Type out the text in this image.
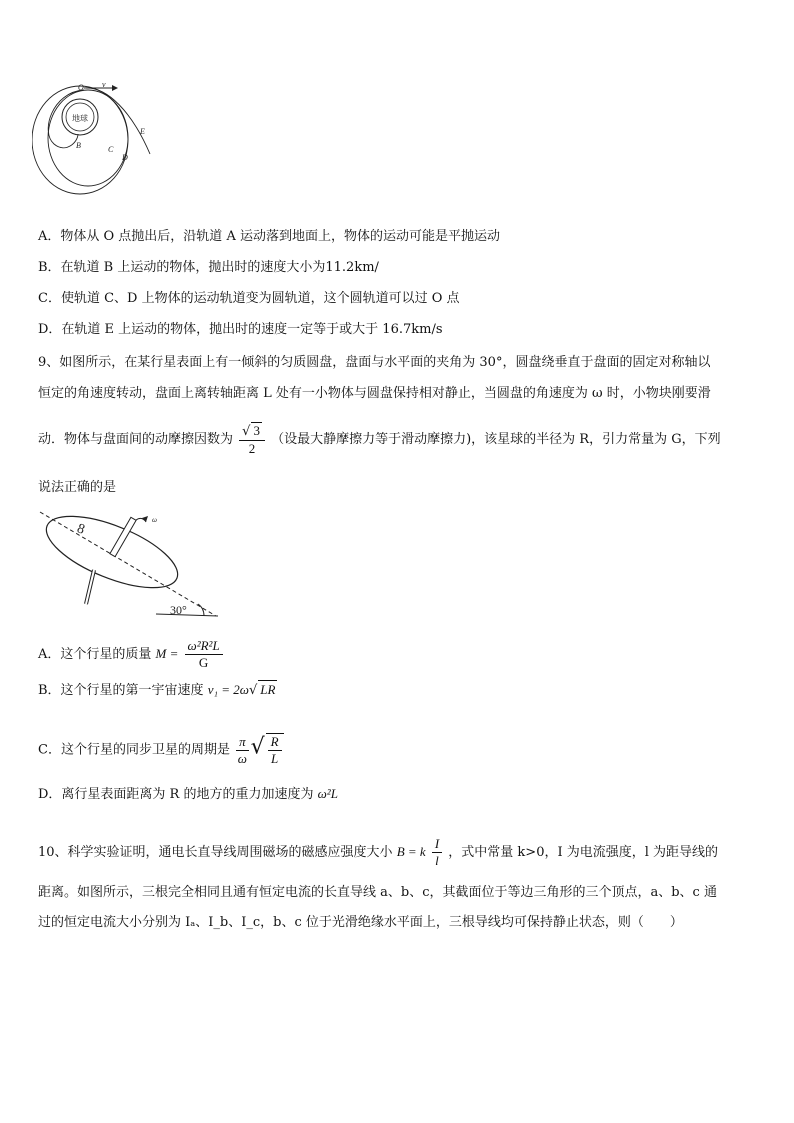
地球
O v
E
B	C
D
A．物体从 O 点抛出后，沿轨道 A 运动落到地面上，物体的运动可能是平抛运动
B．在轨道 B 上运动的物体，抛出时的速度大小为11.2km/
C．使轨道 C、D 上物体的运动轨道变为圆轨道，这个圆轨道可以过 O 点
D．在轨道 E 上运动的物体，抛出时的速度一定等于或大于 16.7km/s
9、如图所示，在某行星表面上有一倾斜的匀质圆盘，盘面与水平面的夹角为 30°，圆盘绕垂直于盘面的固定对称轴以
恒定的角速度转动，盘面上离转轴距离 L 处有一小物体与圆盘保持相对静止，当圆盘的角速度为 ω 时，小物块刚要滑
动．物体与盘面间的动摩擦因数为 $\frac{√ 3}{2}$ （设最大静摩擦力等于滑动摩擦力)，该星球的半径为 R，引力常量为 G，下列
说法正确的是
ω
8
30°
A．这个行星的质量 $M = \frac{\text{ω²R²L}}{G}$
B．这个行星的第一宇宙速度 v₁ = 2ω√ LR
C．这个行星的同步卫星的周期是 $\frac{\pi}{\omega}$ √ $\frac{R}{L}$
D．离行星表面距离为 R 的地方的重力加速度为 ω²L
10、科学实验证明，通电长直导线周围磁场的磁感应强度大小 B = k $\frac{I}{l}$ ，式中常量 k>0，I 为电流强度，l 为距导线的
距离。如图所示，三根完全相同且通有恒定电流的长直导线 a、b、c，其截面位于等边三角形的三个顶点，a、b、c 通
过的恒定电流大小分别为 Iₐ、I_b、I_c，b、c 位于光滑绝缘水平面上，三根导线均可保持静止状态，则（　　）
